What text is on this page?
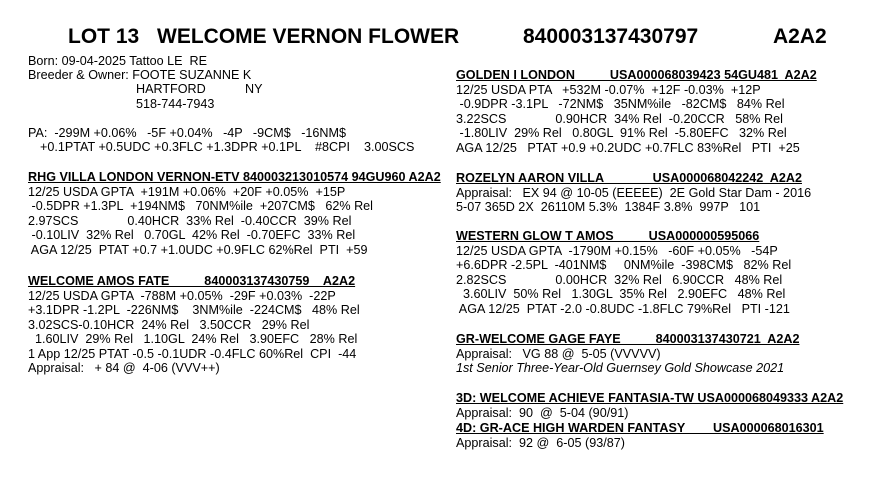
LOT 13 WELCOME VERNON FLOWER	840003137430797	A2A2
Born: 09-04-2025 Tattoo LE  RE
Breeder & Owner: FOOTE SUZANNE K
HARTFORD	NY
518-744-7943
PA:  -299M +0.06%   -5F +0.04%   -4P   -9CM$   -16NM$
+0.1PTAT +0.5UDC +0.3FLC +1.3DPR +0.1PL    #8CPI    3.00SCS
RHG VILLA LONDON VERNON-ETV 840003213010574 94GU960 A2A2
12/25 USDA GPTA  +191M +0.06%  +20F +0.05%  +15P
-0.5DPR +1.3PL  +194NM$   70NM%ile  +207CM$   62% Rel
2.97SCS              0.40HCR  33% Rel  -0.40CCR  39% Rel
-0.10LIV  32% Rel   0.70GL  42% Rel  -0.70EFC  33% Rel
AGA 12/25  PTAT +0.7 +1.0UDC +0.9FLC 62%Rel  PTI  +59
WELCOME AMOS FATE          840003137430759    A2A2
12/25 USDA GPTA  -788M +0.05%  -29F +0.03%  -22P
+3.1DPR -1.2PL  -226NM$    3NM%ile  -224CM$   48% Rel
3.02SCS-0.10HCR  24% Rel   3.50CCR   29% Rel
1.60LIV  29% Rel   1.10GL  24% Rel   3.90EFC   28% Rel
1 App 12/25 PTAT -0.5 -0.1UDR -0.4FLC 60%Rel  CPI  -44
Appraisal:   + 84 @  4-06 (VVV++)
GOLDEN I LONDON          USA000068039423 54GU481  A2A2
12/25 USDA PTA   +532M -0.07%  +12F -0.03%  +12P
-0.9DPR -3.1PL   -72NM$   35NM%ile   -82CM$   84% Rel
3.22SCS              0.90HCR  34% Rel  -0.20CCR   58% Rel
-1.80LIV  29% Rel   0.80GL  91% Rel  -5.80EFC   32% Rel
AGA 12/25   PTAT +0.9 +0.2UDC +0.7FLC 83%Rel   PTI  +25
ROZELYN AARON VILLA              USA000068042242  A2A2
Appraisal:   EX 94 @ 10-05 (EEEEE)  2E Gold Star Dam - 2016
5-07 365D 2X  26110M 5.3%  1384F 3.8%  997P   101
WESTERN GLOW T AMOS          USA000000595066
12/25 USDA GPTA  -1790M +0.15%   -60F +0.05%   -54P
+6.6DPR -2.5PL  -401NM$     0NM%ile  -398CM$   82% Rel
2.82SCS              0.00HCR  32% Rel   6.90CCR   48% Rel
3.60LIV  50% Rel   1.30GL  35% Rel   2.90EFC   48% Rel
AGA 12/25  PTAT -2.0 -0.8UDC -1.8FLC 79%Rel   PTI -121
GR-WELCOME GAGE FAYE          840003137430721  A2A2
Appraisal:   VG 88 @  5-05 (VVVVV)
1st Senior Three-Year-Old Guernsey Gold Showcase 2021
3D: WELCOME ACHIEVE FANTASIA-TW USA000068049333 A2A2
Appraisal:  90  @  5-04 (90/91)
4D: GR-ACE HIGH WARDEN FANTASY        USA000068016301
Appraisal:  92 @  6-05 (93/87)
